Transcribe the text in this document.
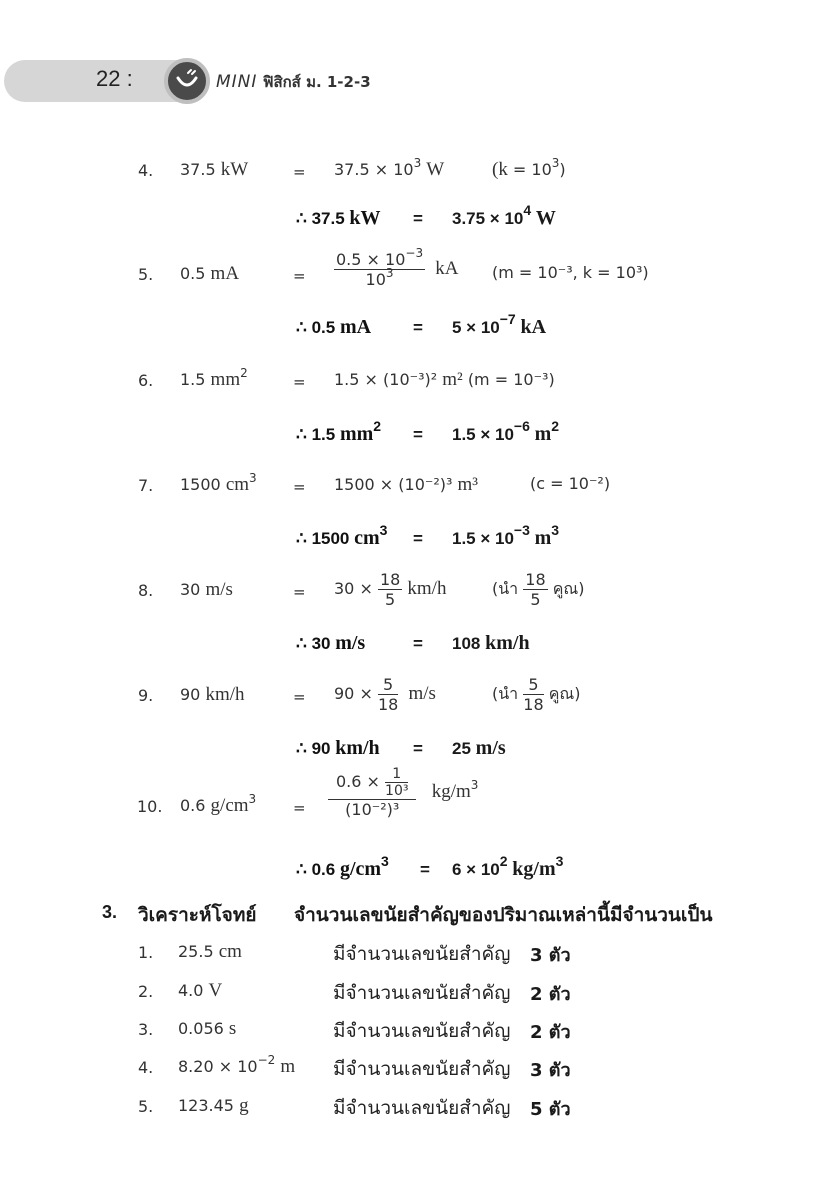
22 :	MINI ฟิสิกส์ ม. 1-2-3
4. 37.5 kW	= $37.5 \times 10^3$ W	$(k = 10^3)$
∴ 37.5 kW = $3.75 \times 10^4$ W
5. 0.5 mA	= $\frac{0.5 \times 10^{-3}}{10^3}$ kA (m = 10⁻³, k = 10³)
∴ 0.5 mA = $5 \times 10^{-7}$ kA
6. 1.5 $mm^2$	= 1.5 × (10⁻³)² m² (m = 10⁻³)
∴ 1.5 $mm^2 = 1.5 \times 10^{-6}$ $m^2$
7. 1500 $cm^3 = 1500 \times (10^{-2})^3$ m³	(c = 10⁻²)
∴ 1500 $cm^3 = 1.5 \times 10^{-3}$ $m^3$
8. 30 m/s	= $30 \times \frac{18}{5} km/h$	(นำ $\frac{18}{5}$ คูณ)
∴ 30 m/s	= 108 km/h
9. 90 km/h	= $90 \times \frac{5}{18} m/s$	(นำ $\frac{5}{18}$ คูณ)
∴ 90 km/h = 25 m/s
10. 0.6 $g/cm^3 = \frac{0.6 \times \frac{1}{\text{10³}}}{\text{(10⁻²)³}} kg/m^3$
∴ 0.6 $g/cm^3 = 6 \times 10^2$ $kg/m^3$
3. วิเคราะห์โจทย์ จำนวนเลขนัยสำคัญของปริมาณเหล่านี้มีจำนวนเป็น
1. 25.5 cm	มีจำนวนเลขนัยสำคัญ 3 ตัว
2. 4.0 V	มีจำนวนเลขนัยสำคัญ 2 ตัว
3. 0.056 s	มีจำนวนเลขนัยสำคัญ 2 ตัว
4. $8.20 \times 10^{-2}$ m มีจำนวนเลขนัยสำคัญ 3 ตัว
5. 123.45 g	มีจำนวนเลขนัยสำคัญ 5 ตัว
